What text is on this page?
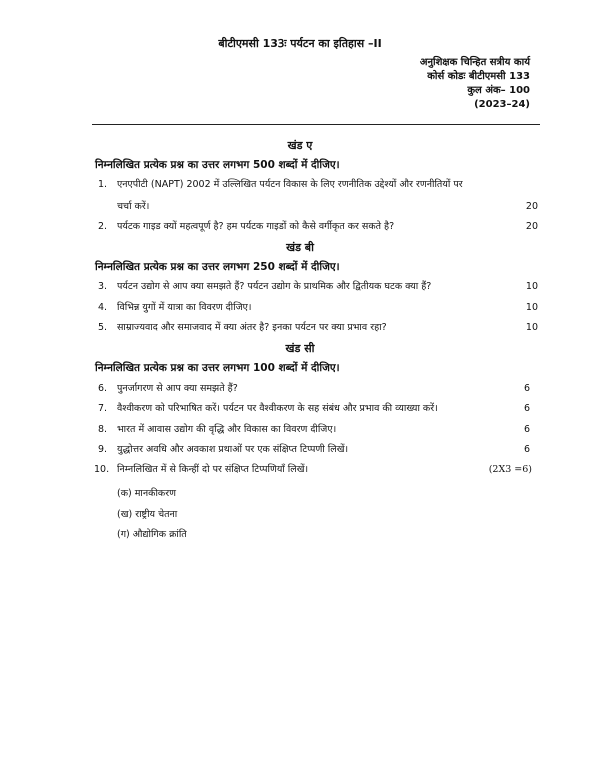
बीटीएमसी 133ः पर्यटन का इतिहास –II
अनुशिक्षक चिन्हित सत्रीय कार्य
कोर्स कोडः बीटीएमसी 133
कुल अंक– 100
(2023–24)
खंड ए
निम्नलिखित प्रत्येक प्रश्न का उत्तर लगभग 500 शब्दों में दीजिए।
1. एनएपीटी (NAPT) 2002 में उल्लिखित पर्यटन विकास के लिए रणनीतिक उद्देश्यों और रणनीतियों पर
चर्चा करें।	20
2. पर्यटक गाइड क्यों महत्वपूर्ण है? हम पर्यटक गाइडों को कैसे वर्गीकृत कर सकते है?	20
खंड बी
निम्नलिखित प्रत्येक प्रश्न का उत्तर लगभग 250 शब्दों में दीजिए।
3. पर्यटन उद्योग से आप क्या समझते हैं? पर्यटन उद्योग के प्राथमिक और द्वितीयक घटक क्या हैं?	10
4. विभिन्न युगों में यात्रा का विवरण दीजिए।	10
5. साम्राज्यवाद और समाजवाद में क्या अंतर है? इनका पर्यटन पर क्या प्रभाव रहा?	10
खंड सी
निम्नलिखित प्रत्येक प्रश्न का उत्तर लगभग 100 शब्दों में दीजिए।
6. पुनर्जागरण से आप क्या समझते हैं?	6
7. वैश्वीकरण को परिभाषित करें। पर्यटन पर वैश्वीकरण के सह संबंध और प्रभाव की व्याख्या करें।	6
8. भारत में आवास उद्योग की वृद्धि और विकास का विवरण दीजिए।	6
9. युद्धोत्तर अवधि और अवकाश प्रथाओं पर एक संक्षिप्त टिप्पणी लिखें।	6
10. निम्नलिखित में से किन्हीं दो पर संक्षिप्त टिप्पणियाँ लिखें।	(2X3 =6)
(क) मानकीकरण
(ख) राष्ट्रीय चेतना
(ग) औद्योगिक क्रांति
